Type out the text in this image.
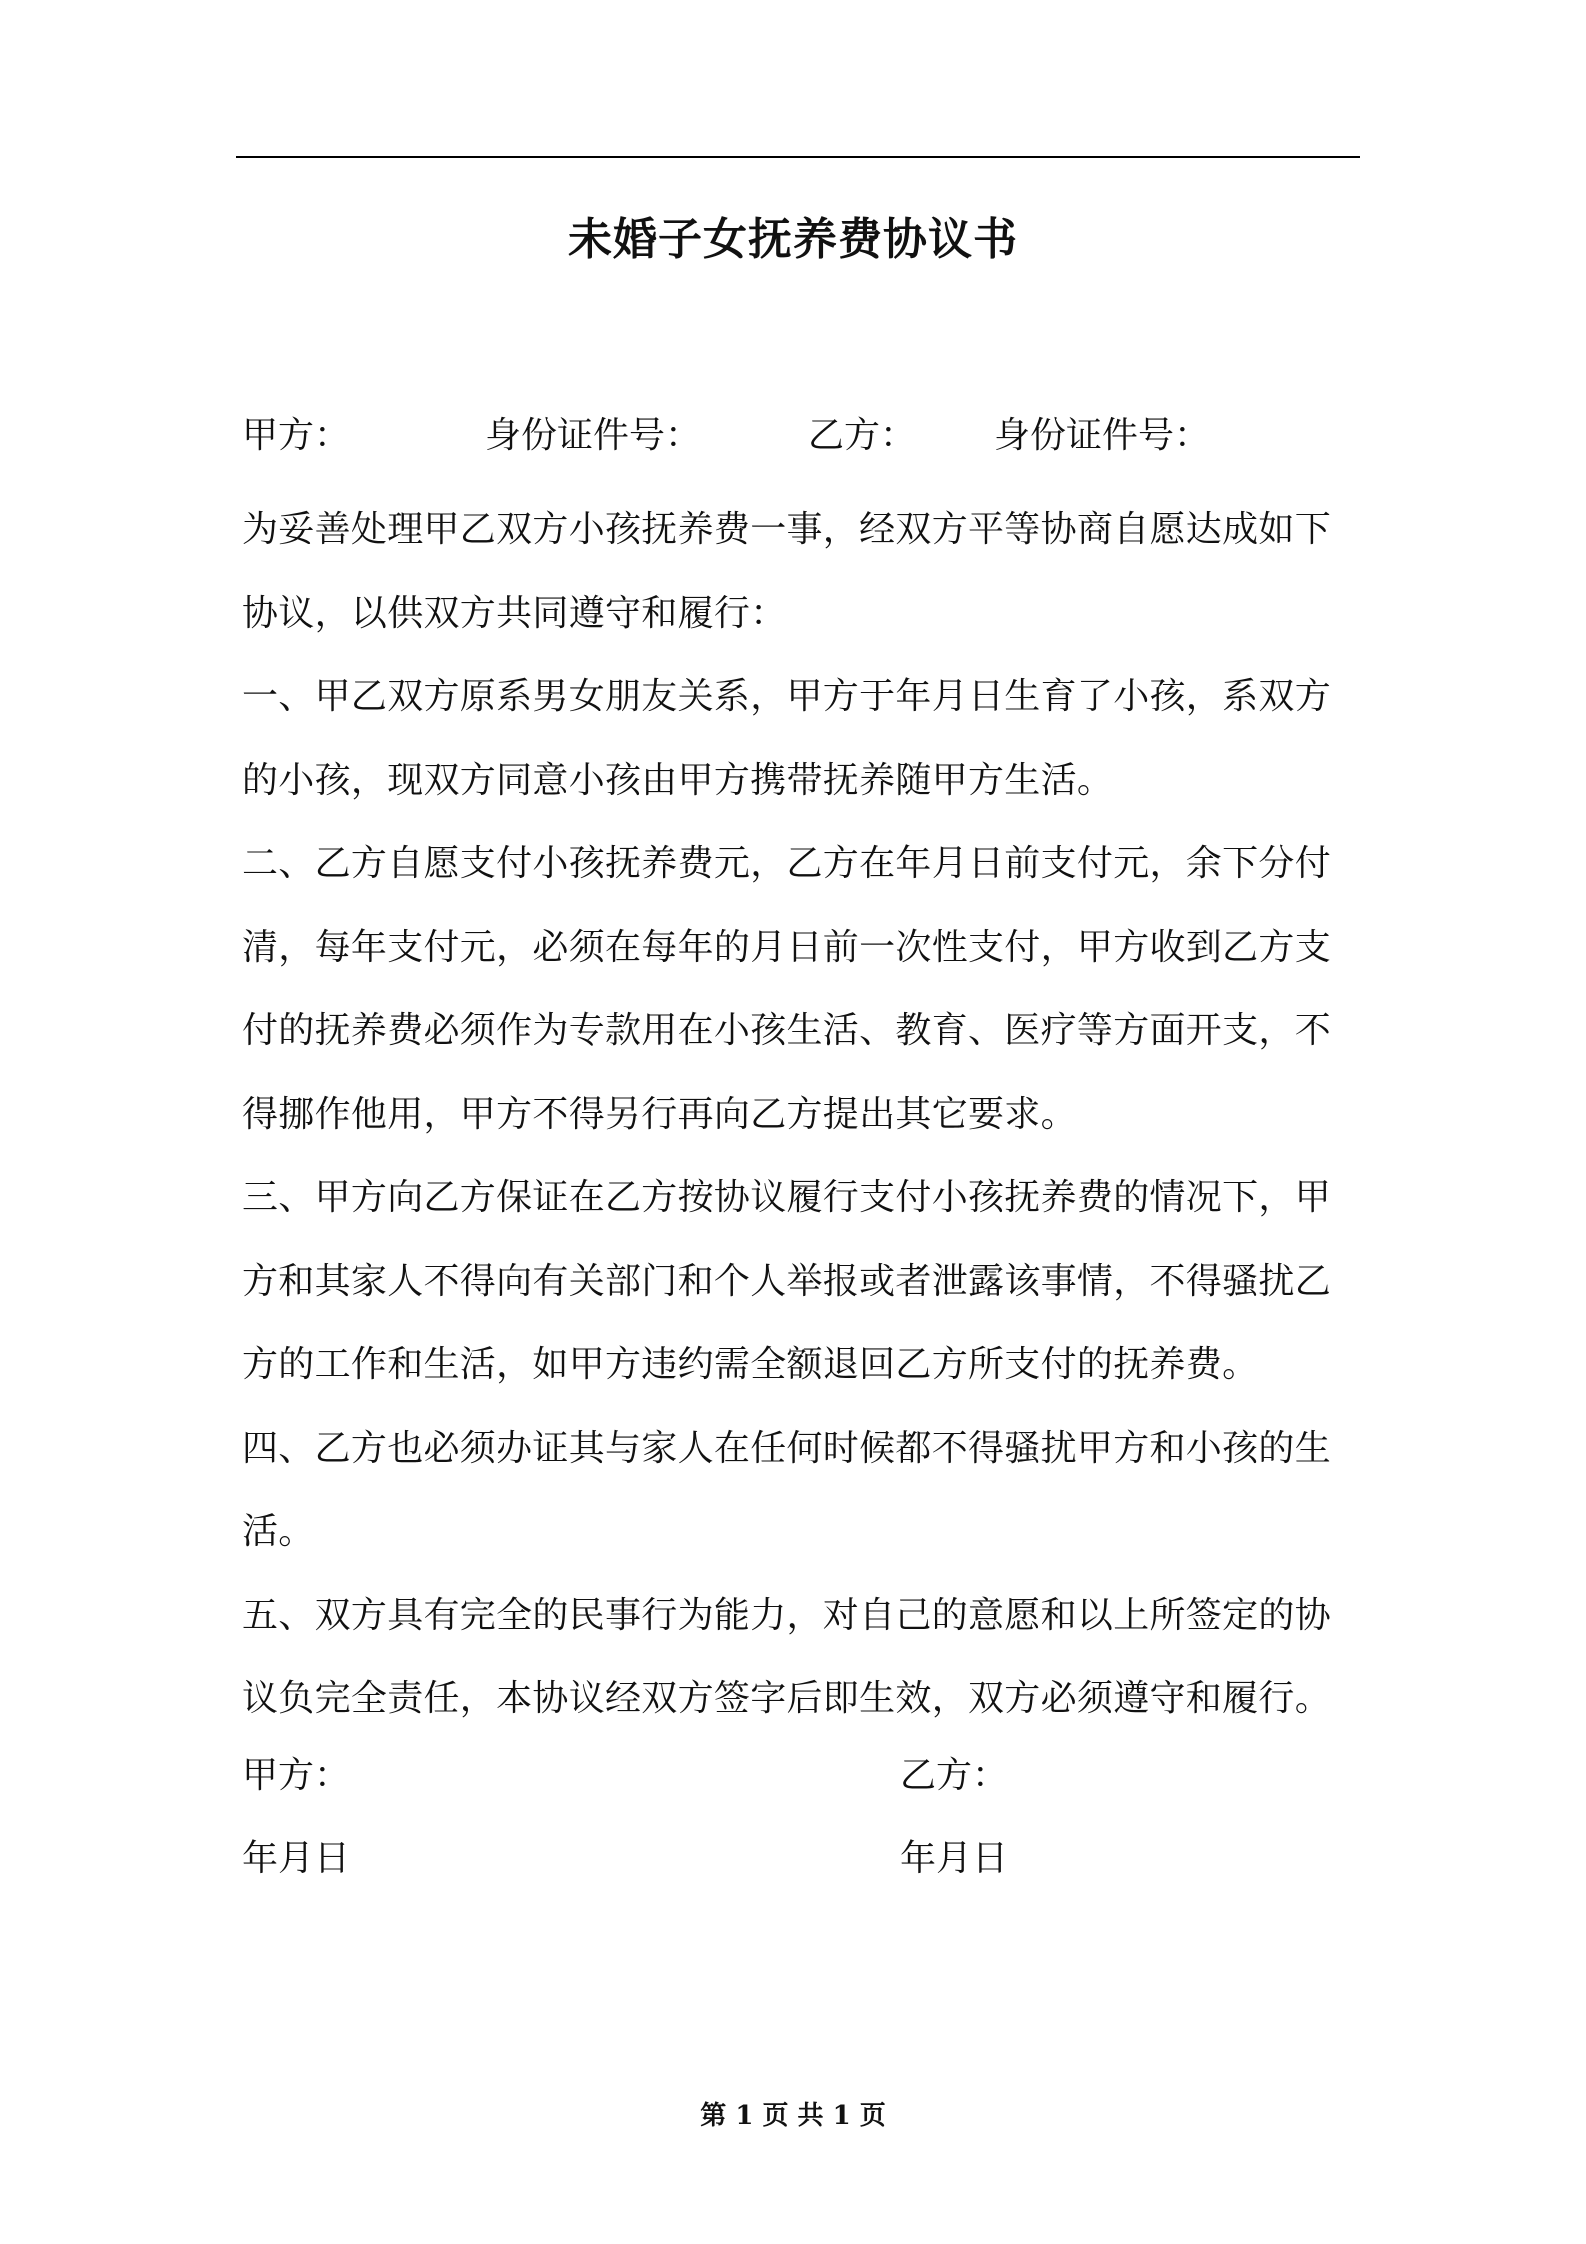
未婚子女抚养费协议书
甲方：	身份证件号：	乙方： 身份证件号：

为妥善处理甲乙双方小孩抚养费一事，经双方平等协商自愿达成如下协议，以供双方共同遵守和履行：

一、甲乙双方原系男女朋友关系，甲方于年月日生育了小孩，系双方的小孩，现双方同意小孩由甲方携带抚养随甲方生活。

二、乙方自愿支付小孩抚养费元，乙方在年月日前支付元，余下分付清，每年支付元，必须在每年的月日前一次性支付，甲方收到乙方支付的抚养费必须作为专款用在小孩生活、教育、医疗等方面开支，不得挪作他用，甲方不得另行再向乙方提出其它要求。

三、甲方向乙方保证在乙方按协议履行支付小孩抚养费的情况下，甲方和其家人不得向有关部门和个人举报或者泄露该事情，不得骚扰乙方的工作和生活，如甲方违约需全额退回乙方所支付的抚养费。

四、乙方也必须办证其与家人在任何时候都不得骚扰甲方和小孩的生活。

五、双方具有完全的民事行为能力，对自己的意愿和以上所签定的协议负完全责任，本协议经双方签字后即生效，双方必须遵守和履行。

甲方：	乙方：
年月日	年月日
第 1 页 共 1 页
